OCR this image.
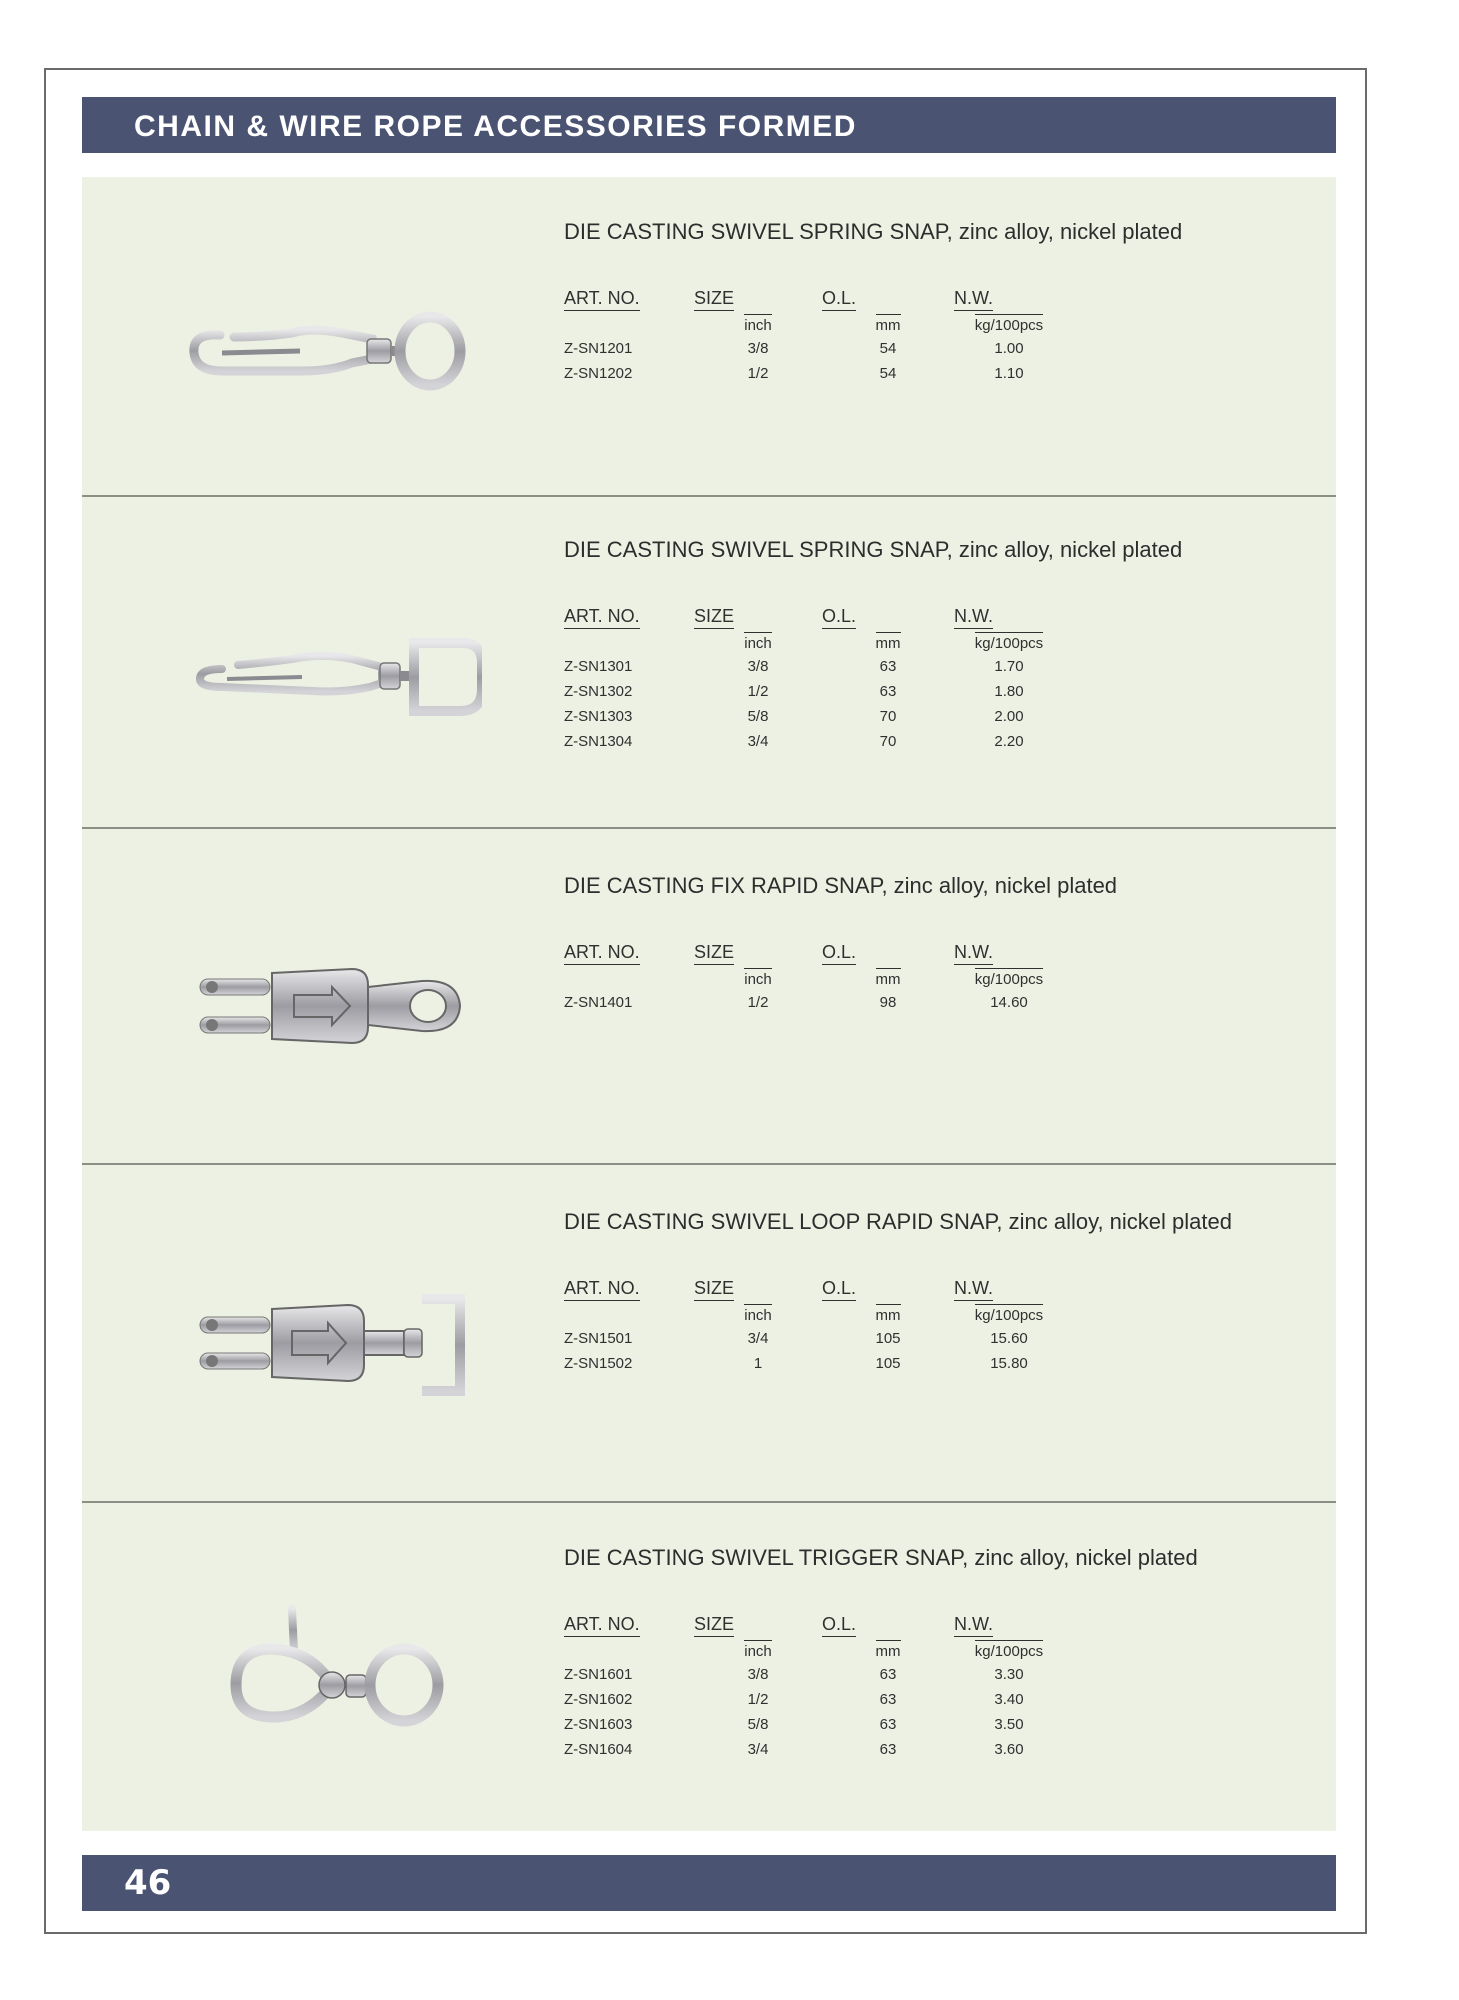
CHAIN & WIRE ROPE ACCESSORIES FORMED
DIE CASTING SWIVEL SPRING SNAP, zinc alloy, nickel plated
ART. NO.	SIZE	O.L.	N.W.
	inch	mm	kg/100pcs
Z-SN1201	3/8	54	1.00
Z-SN1202	1/2	54	1.10
DIE CASTING SWIVEL SPRING SNAP, zinc alloy, nickel plated
ART. NO.	SIZE	O.L.	N.W.
	inch	mm	kg/100pcs
Z-SN1301	3/8	63	1.70
Z-SN1302	1/2	63	1.80
Z-SN1303	5/8	70	2.00
Z-SN1304	3/4	70	2.20
DIE CASTING FIX RAPID SNAP, zinc alloy, nickel plated
ART. NO.	SIZE	O.L.	N.W.
	inch	mm	kg/100pcs
Z-SN1401	1/2	98	14.60
DIE CASTING SWIVEL LOOP RAPID SNAP, zinc alloy, nickel plated
ART. NO.	SIZE	O.L.	N.W.
	inch	mm	kg/100pcs
Z-SN1501	3/4	105	15.60
Z-SN1502	1	105	15.80
DIE CASTING SWIVEL TRIGGER SNAP, zinc alloy, nickel plated
ART. NO.	SIZE	O.L.	N.W.
	inch	mm	kg/100pcs
Z-SN1601	3/8	63	3.30
Z-SN1602	1/2	63	3.40
Z-SN1603	5/8	63	3.50
Z-SN1604	3/4	63	3.60
46
